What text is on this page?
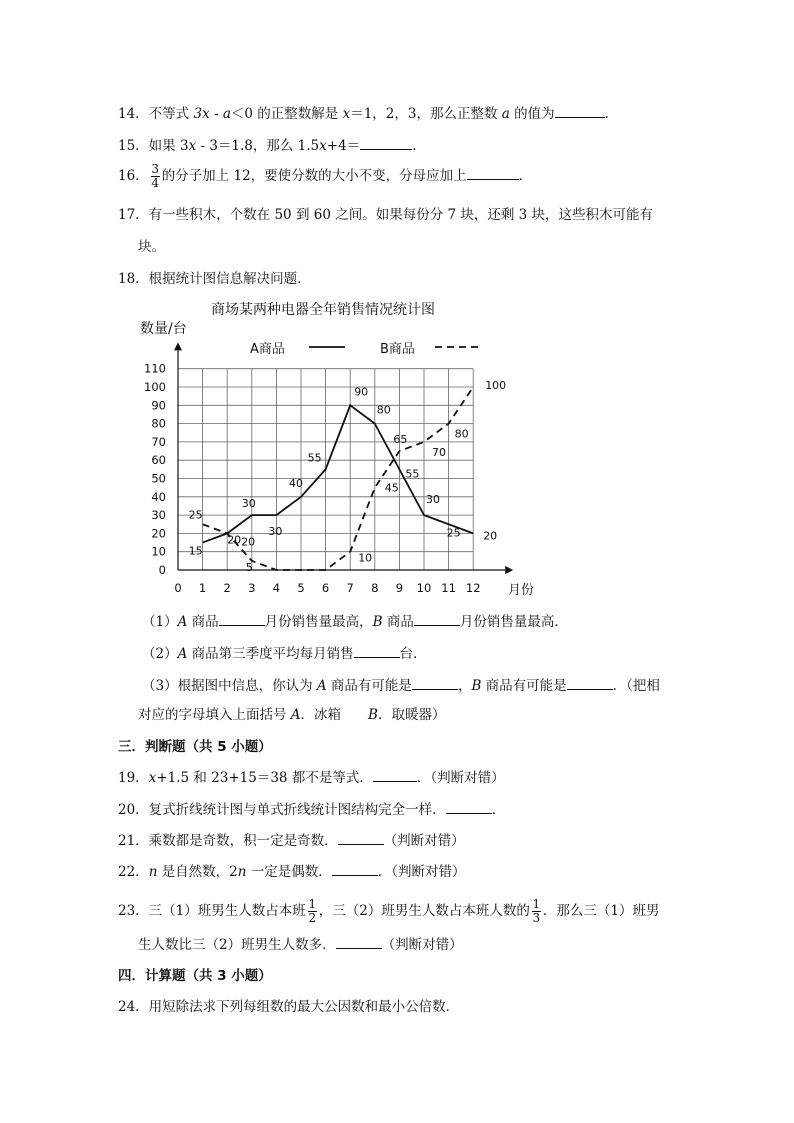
14．不等式 3x - a＜0 的正整数解是 x＝1，2，3，那么正整数 a 的值为	．
15．如果 3x - 3＝1.8，那么 1.5x+4＝	．
16． $\frac{3}{4}$ 的分子加上 12，要使分数的大小不变，分母应加上	．
17．有一些积木，个数在 50 到 60 之间。如果每份分 7 块，还剩 3 块，这些积木可能有
块。
18．根据统计图信息解决问题．
0 1 2 3 4 5 6 7 8 9 10 11 12
0
10
20
30
40
50
60
70
80
90
100
110
15
20
30
30
40
55
90
80
55
30
25 20
25
20
5
10
45
65
70
80
100
A商品	B商品
商场某两种电器全年销售情况统计图
数量/台
月份
（1）A 商品	月份销售量最高，B 商品	月份销售量最高．
（2）A 商品第三季度平均每月销售	台．
（3）根据图中信息，你认为 A 商品有可能是	，B 商品有可能是	．（把相
对应的字母填入上面括号 A．冰箱　　B．取暖器）
三．判断题（共 5 小题）
19．x+1.5 和 23+15＝38 都不是等式．	．（判断对错）
20．复式折线统计图与单式折线统计图结构完全一样．	．
21．乘数都是奇数，积一定是奇数．	（判断对错）
22．n 是自然数，2n 一定是偶数．	．（判断对错）
23．三（1）班男生人数占本班 $\frac{1}{2}$ ，三（2）班男生人数占本班人数的 $\frac{1}{3}$ ．那么三（1）班男
生人数比三（2）班男生人数多．	（判断对错）
四．计算题（共 3 小题）
24．用短除法求下列每组数的最大公因数和最小公倍数．
